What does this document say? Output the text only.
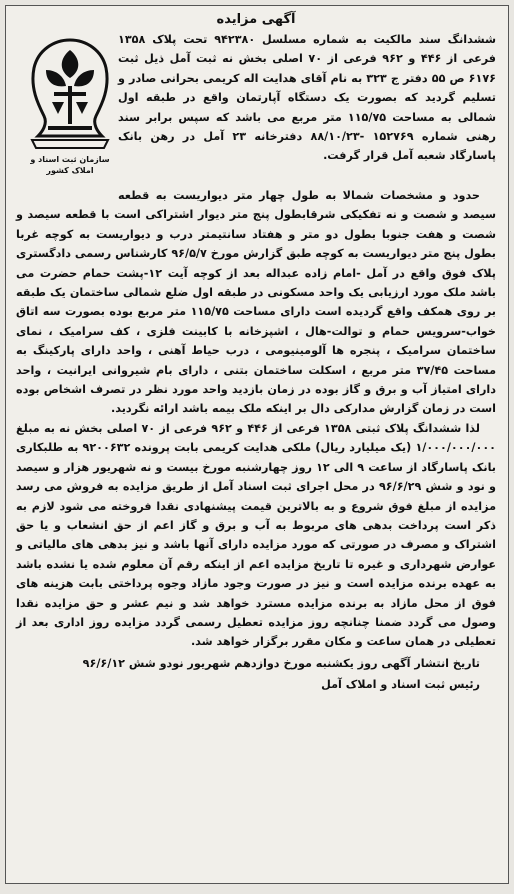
آگهی مزایده
سازمان ثبت اسناد و املاک کشور

ششدانگ سند مالکیت به شماره مسلسل ۹۴۲۳۸۰ تحت پلاک ۱۳۵۸ فرعی از ۴۴۶ و ۹۶۲ فرعی از ۷۰ اصلی بخش نه ثبت آمل ذیل ثبت ۶۱۷۶ ص ۵۵ دفتر ج ۳۲۳ به نام آقای هدایت اله کریمی بحرانی صادر و تسلیم گردید که بصورت یک دستگاه آپارتمان واقع در طبقه اول شمالی به مساحت ۱۱۵/۷۵ متر مربع می باشد که سپس برابر سند رهنی شماره ۱۵۲۷۶۹ -۸۸/۱۰/۲۳ دفترخانه ۲۳ آمل در رهن بانک پاسارگاد شعبه آمل قرار گرفت.

حدود و مشخصات شمالا به طول چهار متر دیواریست به قطعه سیصد و شصت و نه تفکیکی شرقابطول پنج متر دیوار اشتراکی است با قطعه سیصد و شصت و هفت جنوبا بطول دو متر و هفتاد سانتیمتر درب و دیواریست به کوچه غربا بطول پنج متر دیواریست به کوچه طبق گزارش مورخ ۹۶/۵/۷ کارشناس رسمی دادگستری پلاک فوق واقع در آمل -امام زاده عبداله بعد از کوچه آیت ۱۲-پشت حمام حضرت می باشد ملک مورد ارزیابی یک واحد مسکونی در طبقه اول ضلع شمالی ساختمان یک طبقه بر روی همکف واقع گردیده است دارای مساحت ۱۱۵/۷۵ متر مربع بوده بصورت سه اتاق خواب-سرویس حمام و توالت-هال ، اشپزخانه با کابینت فلزی ، کف سرامیک ، نمای ساختمان سرامیک ، پنجره ها آلومینیومی ، درب حیاط آهنی ، واحد دارای پارکینگ به مساحت ۳۷/۴۵ متر مربع ، اسکلت ساختمان بتنی ، دارای بام شیروانی ایرانیت ، واحد دارای امتیاز آب و برق و گاز بوده در زمان بازدید واحد مورد نظر در تصرف اشخاص بوده است در زمان گزارش مدارکی دال بر اینکه ملک بیمه باشد ارائه نگردید.

لذا ششدانگ پلاک ثبتی ۱۳۵۸ فرعی از ۴۴۶ و ۹۶۲ فرعی از ۷۰ اصلی بخش نه به مبلغ ۱/۰۰۰/۰۰۰/۰۰۰ (یک میلیارد ریال) ملکی هدایت کریمی بابت پرونده ۹۲۰۰۶۳۲ به طلبکاری بانک پاسارگاد از ساعت ۹ الی ۱۲ روز چهارشنبه مورخ بیست و نه شهریور هزار و سیصد و نود و شش ۹۶/۶/۲۹ در محل اجرای ثبت اسناد آمل از طریق مزایده به فروش می رسد مزایده از مبلغ فوق شروع و به بالاترین قیمت پیشنهادی نقدا فروخته می شود لازم به ذکر است پرداخت بدهی های مربوط به آب و برق و گاز اعم از حق انشعاب و یا حق اشتراک و مصرف در صورتی که مورد مزایده دارای آنها باشد و نیز بدهی های مالیاتی و عوارض شهرداری و غیره تا تاریخ مزایده اعم از اینکه رقم آن معلوم شده یا نشده باشد به عهده برنده مزایده است و نیز در صورت وجود مازاد وجوه پرداختی بابت هزینه های فوق از محل مازاد به برنده مزایده مسترد خواهد شد و نیم عشر و حق مزایده نقدا وصول می گردد ضمنا چنانچه روز مزایده تعطیل رسمی گردد مزایده روز اداری بعد از تعطیلی در همان ساعت و مکان مقرر برگزار خواهد شد.

تاریخ انتشار آگهی روز یکشنبه مورخ دوازدهم شهریور نودو شش ۹۶/۶/۱۲
رئیس ثبت اسناد و املاک آمل
